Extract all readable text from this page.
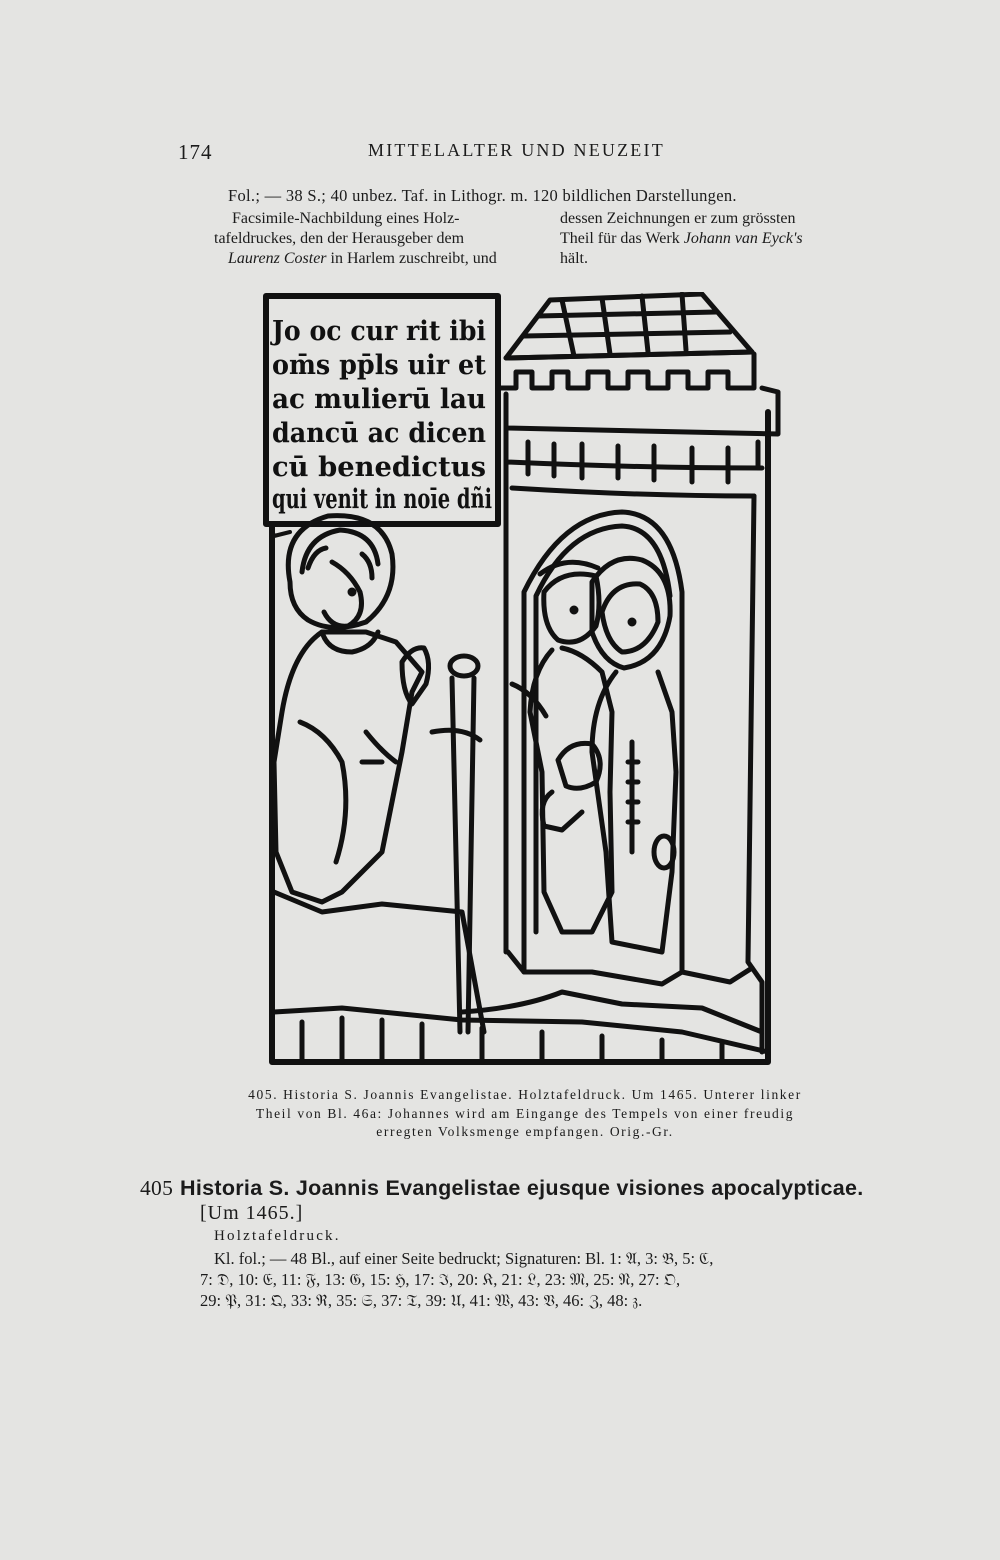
174	MITTELALTER UND NEUZEIT
Fol.; — 38 S.; 40 unbez. Taf. in Lithogr. m. 120 bildlichen Darstellungen.
Facsimile-Nachbildung eines Holz-
tafeldruckes, den der Herausgeber dem
Laurenz Coster in Harlem zuschreibt, und
dessen Zeichnungen er zum grössten
Theil für das Werk Johann van Eyck's
hält.
Jo oc cur rit ibi
om̄s pp̄ls uir et
ac mulierū lau
dancū ac dicen
cū benedictus
qui venit in noīe dñi
405. Historia S. Joannis Evangelistae. Holztafeldruck. Um 1465. Unterer linker
Theil von Bl. 46a: Johannes wird am Eingange des Tempels von einer freudig
erregten Volksmenge empfangen. Orig.-Gr.
405 Historia S. Joannis Evangelistae ejusque visiones apocalypticae.
[Um 1465.]
Holztafeldruck.
Kl. fol.; — 48 Bl., auf einer Seite bedruckt; Signaturen: Bl. 1: 𝔄, 3: 𝔅, 5: ℭ,
7: 𝔇, 10: 𝔈, 11: 𝔉, 13: 𝔊, 15: ℌ, 17: ℑ, 20: 𝔎, 21: 𝔏, 23: 𝔐, 25: 𝔑, 27: 𝔒,
29: 𝔓, 31: 𝔔, 33: ℜ, 35: 𝔖, 37: 𝔗, 39: 𝔘, 41: 𝔚, 43: 𝔙, 46: ℨ, 48: 𝔷.
